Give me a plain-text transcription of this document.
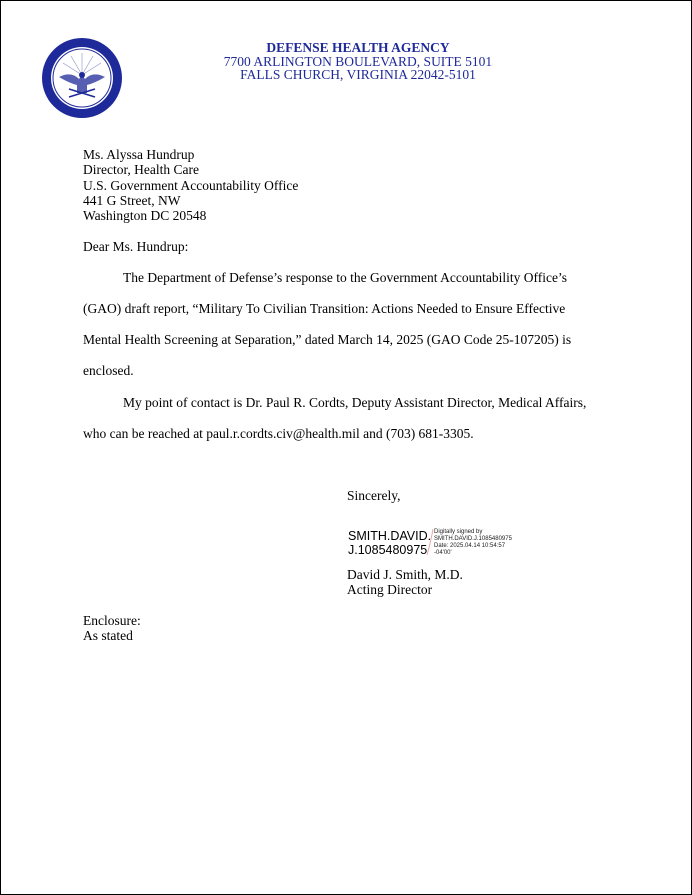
DEFENSE HEALTH AGENCY
7700 ARLINGTON BOULEVARD, SUITE 5101
FALLS CHURCH, VIRGINIA 22042-5101
Ms. Alyssa Hundrup
Director, Health Care
U.S. Government Accountability Office
441 G Street, NW
Washington DC 20548
Dear Ms. Hundrup:
The Department of Defense’s response to the Government Accountability Office’s
(GAO) draft report, “Military To Civilian Transition: Actions Needed to Ensure Effective
Mental Health Screening at Separation,” dated March 14, 2025 (GAO Code 25-107205) is
enclosed.
My point of contact is Dr. Paul R. Cordts, Deputy Assistant Director, Medical Affairs,
who can be reached at paul.r.cordts.civ@health.mil and (703) 681-3305.
Sincerely,
SMITH.DAVID.
J.1085480975
Digitally signed by
SMITH.DAVID.J.1085480975
Date: 2025.04.14 10:54:57
-04'00'
David J. Smith, M.D.
Acting Director
Enclosure:
As stated
